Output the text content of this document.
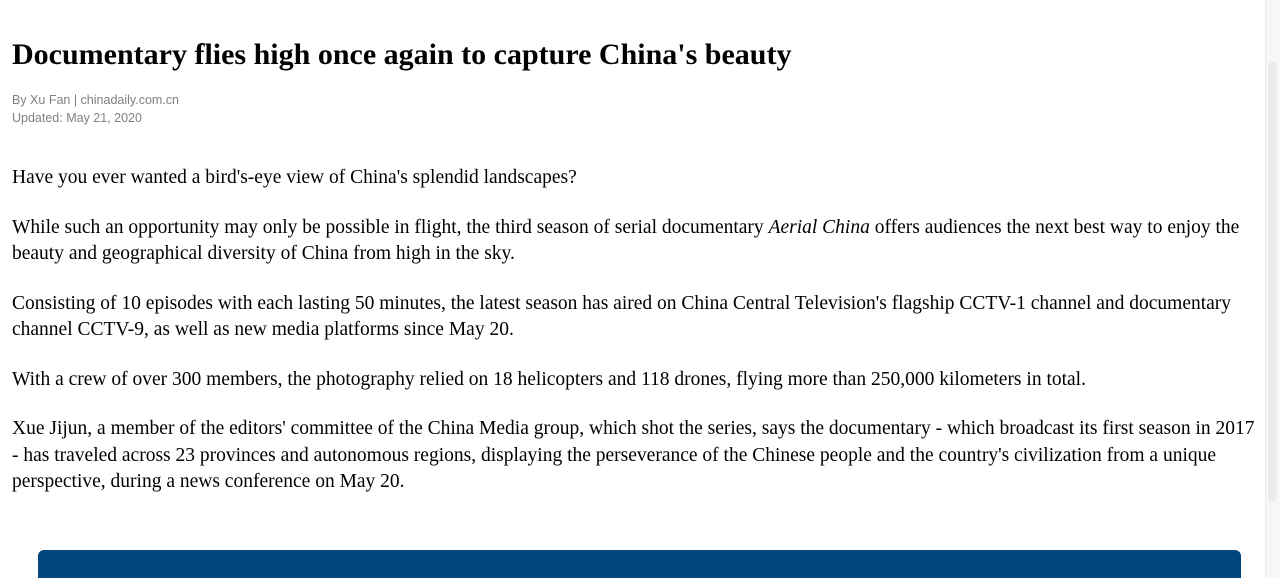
Documentary flies high once again to capture China's beauty
By Xu Fan | chinadaily.com.cn
Updated: May 21, 2020

Have you ever wanted a bird's-eye view of China's splendid landscapes?

While such an opportunity may only be possible in flight, the third season of serial documentary Aerial China offers audiences the next best way to enjoy the beauty and geographical diversity of China from high in the sky.

Consisting of 10 episodes with each lasting 50 minutes, the latest season has aired on China Central Television's flagship CCTV-1 channel and documentary channel CCTV-9, as well as new media platforms since May 20.

With a crew of over 300 members, the photography relied on 18 helicopters and 118 drones, flying more than 250,000 kilometers in total.

Xue Jijun, a member of the editors' committee of the China Media group, which shot the series, says the documentary - which broadcast its first season in 2017 - has traveled across 23 provinces and autonomous regions, displaying the perseverance of the Chinese people and the country's civilization from a unique perspective, during a news conference on May 20.
